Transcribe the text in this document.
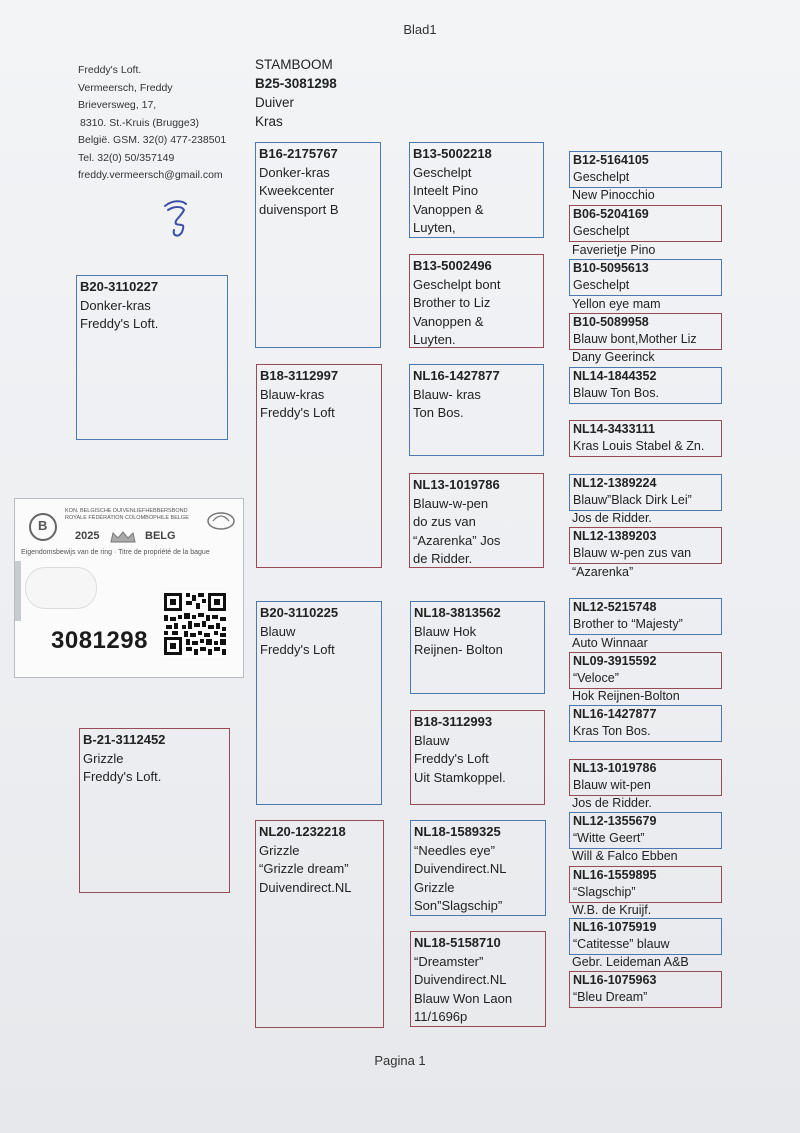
Blad1
Freddy's Loft.
Vermeersch, Freddy
Brieversweg, 17,
8310. St.-Kruis (Brugge3)
België. GSM. 32(0) 477-238501
Tel. 32(0) 50/357149
freddy.vermeersch@gmail.com
STAMBOOM
B25-3081298
Duiver
Kras
B20-3110227
Donker-kras
Freddy's Loft.
B-21-3112452
Grizzle
Freddy's Loft.
B16-2175767
Donker-kras
Kweekcenter
duivensport B
B18-3112997
Blauw-kras
Freddy's Loft
B20-3110225
Blauw
Freddy's Loft
NL20-1232218
Grizzle
“Grizzle dream”
Duivendirect.NL
B13-5002218
Geschelpt
Inteelt Pino
Vanoppen &
Luyten,
B13-5002496
Geschelpt bont
Brother to Liz
Vanoppen &
Luyten.
NL16-1427877
Blauw- kras
Ton Bos.
NL13-1019786
Blauw-w-pen
do zus van
“Azarenka” Jos
de Ridder.
NL18-3813562
Blauw Hok
Reijnen- Bolton
B18-3112993
Blauw
Freddy's Loft
Uit Stamkoppel.
NL18-1589325
“Needles eye”
Duivendirect.NL
Grizzle
Son”Slagschip”
NL18-5158710
“Dreamster”
Duivendirect.NL
Blauw Won Laon
11/1696p
B12-5164105
Geschelpt
New Pinocchio
B06-5204169
Geschelpt
Faverietje Pino
B10-5095613
Geschelpt
Yellon eye mam
B10-5089958
Blauw bont,Mother Liz
Dany Geerinck
NL14-1844352
Blauw Ton Bos.
NL14-3433111
Kras Louis Stabel & Zn.
NL12-1389224
Blauw”Black Dirk Lei”
Jos de Ridder.
NL12-1389203
Blauw w-pen zus van
“Azarenka”
NL12-5215748
Brother to “Majesty”
Auto Winnaar
NL09-3915592
“Veloce”
Hok Reijnen-Bolton
NL16-1427877
Kras Ton Bos.
NL13-1019786
Blauw wit-pen
Jos de Ridder.
NL12-1355679
“Witte Geert”
Will & Falco Ebben
NL16-1559895
“Slagschip”
W.B. de Kruijf.
NL16-1075919
“Catitesse” blauw
Gebr. Leideman A&B
NL16-1075963
“Bleu Dream”
B
KON. BELGISCHE DUIVENLIEFHEBBERSBOND
ROYALE FÉDÉRATION COLOMBOPHILE BELGE
2025	BELG
Eigendomsbewijs van de ring · Titre de propriété de la bague
3081298
Pagina 1
